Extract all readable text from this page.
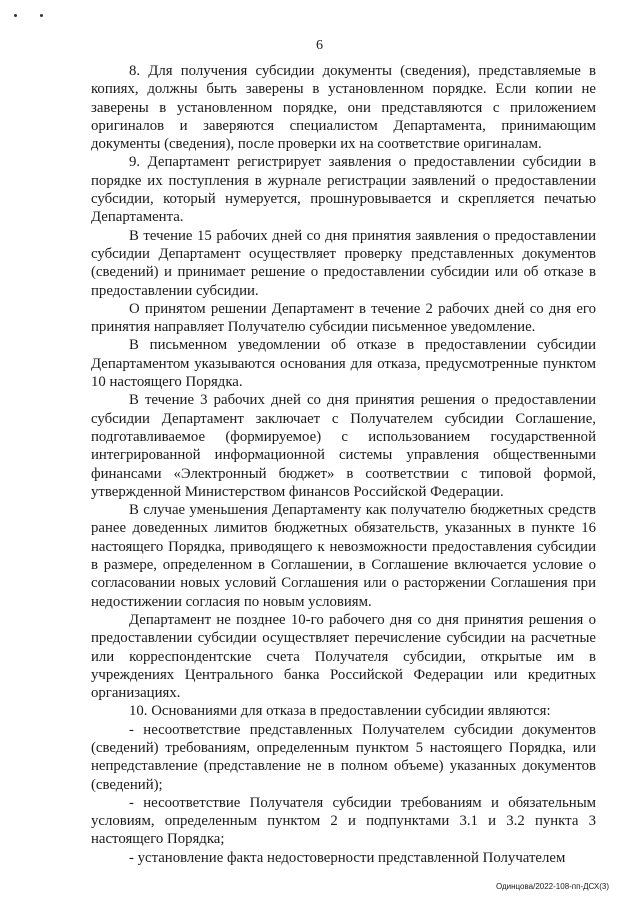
6

8. Для получения субсидии документы (сведения), представляемые в копиях, должны быть заверены в установленном порядке. Если копии не заверены в установленном порядке, они представляются с приложением оригиналов и заверяются специалистом Департамента, принимающим документы (сведения), после проверки их на соответствие оригиналам.

9. Департамент регистрирует заявления о предоставлении субсидии в порядке их поступления в журнале регистрации заявлений о предоставлении субсидии, который нумеруется, прошнуровывается и скрепляется печатью Департамента.

В течение 15 рабочих дней со дня принятия заявления о предоставлении субсидии Департамент осуществляет проверку представленных документов (сведений) и принимает решение о предоставлении субсидии или об отказе в предоставлении субсидии.

О принятом решении Департамент в течение 2 рабочих дней со дня его принятия направляет Получателю субсидии письменное уведомление.

В письменном уведомлении об отказе в предоставлении субсидии Департаментом указываются основания для отказа, предусмотренные пунктом 10 настоящего Порядка.

В течение 3 рабочих дней со дня принятия решения о предоставлении субсидии Департамент заключает с Получателем субсидии Соглашение, подготавливаемое (формируемое) с использованием государственной интегрированной информационной системы управления общественными финансами «Электронный бюджет» в соответствии с типовой формой, утвержденной Министерством финансов Российской Федерации.

В случае уменьшения Департаменту как получателю бюджетных средств ранее доведенных лимитов бюджетных обязательств, указанных в пункте 16 настоящего Порядка, приводящего к невозможности предоставления субсидии в размере, определенном в Соглашении, в Соглашение включается условие о согласовании новых условий Соглашения или о расторжении Соглашения при недостижении согласия по новым условиям.

Департамент не позднее 10-го рабочего дня со дня принятия решения о предоставлении субсидии осуществляет перечисление субсидии на расчетные или корреспондентские счета Получателя субсидии, открытые им в учреждениях Центрального банка Российской Федерации или кредитных организациях.

10. Основаниями для отказа в предоставлении субсидии являются:

- несоответствие представленных Получателем субсидии документов (сведений) требованиям, определенным пунктом 5 настоящего Порядка, или непредставление (представление не в полном объеме) указанных документов (сведений);

- несоответствие Получателя субсидии требованиям и обязательным условиям, определенным пунктом 2 и подпунктами 3.1 и 3.2 пункта 3 настоящего Порядка;

- установление факта недостоверности представленной Получателем

Одинцова/2022-108-пп-ДСХ(3)
